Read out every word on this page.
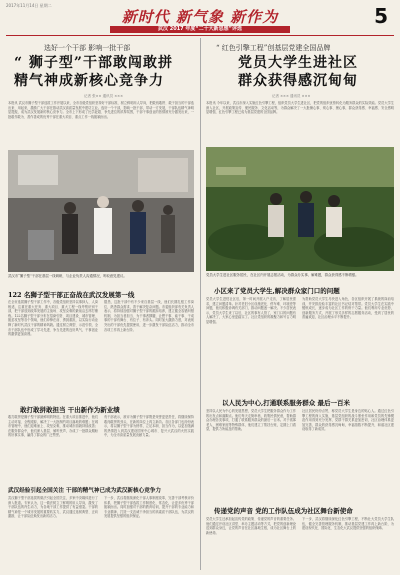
2017年11月14日 星期二
新时代 新气象 新作为
武汉 2017 年度“二十大新思想”评选
5
选好一个干部 影响一批干部
“ 狮子型”干部敢闯敢拼
精气神成新核心竞争力
记者 张×× 通讯员 ×××
本报讯 武汉市狮子型干部选拔工作开展以来，全市各级党组织坚持好干部标准，树立鲜明用人导向，把敢闯敢拼、敢于担当的干部选出来、用起来，激励广大干部在推动武汉高质量发展中建功立业。选好一个干部，影响一批干部，带动一方发展，干部队伍精气神明显提振，成为武汉发展新的核心竞争力。全市上下形成了比学赶超、争先进位的浓厚氛围，干部干事创业的热情被充分激发出来，一批敢作敢为、善作善成的优秀干部在重大项目、重点工作一线脱颖而出。
武汉市“狮子型”干部在基层一线调研，与企业负责人沟通情况，听取意见建议。
122 名狮子型干部正奋战在武汉发展第一线
在全市选拔狮子型干部工作中，各级党组织坚持以事择人、人岗相适，注重在重大任务、重大项目、重大工程一线考察识别干部，把干部放到改革发展的主战场、攻坚克难的最前沿去摔打锤炼。122名狮子型干部分布在招商引资、项目建设、城市管理、脱贫攻坚等各个领域，他们冲锋在前、勇挑重担，以实际行动诠释了新时代武汉干部的精神风貌。通过树立典型、示范引领，全市干部队伍中形成了学习先进、争当先进的良好风气，干事创业的激情更加高涨。
据悉，这批干部中有不少来自基层一线，他们长期扎根工作岗位，熟悉群众需求，善于解决复杂问题。市委组织部有关负责人表示，将持续加强对狮子型干部的跟踪培养，建立健全容错纠错机制，为担当者担当、为干事者撑腰，让想干事、能干事、干成事的干部有舞台、有位子、有奔头。同时加大激励力度，对表现突出的干部优先提拔使用，进一步激发干部队伍活力，推动全市各项工作再上新台阶。
敢打敢拼敢担当 干出新作为新业绩
敢打敢拼是狮子型干部最鲜明的特征。在重大项目推进中，他们主动对接、全程跟踪，解决了一大批制约项目落地的难题；在城市管理中，他们迎难而上、攻坚克难，推动城市面貌持续改善；在服务群众中，他们深入基层、倾听民声，办成了一批群众期盼的好事实事，赢得了群众的广泛赞誉。
有干部表示，被评为狮子型干部既是荣誉更是责任，将继续保持敢闯敢拼的劲头，在新的岗位上再立新功。各区各部门也纷纷表示，将以狮子型干部为榜样，立足本职、担当作为，以更加饱满的热情投入到武汉建设国家中心城市、复兴大武汉的火热实践中，为全市高质量发展贡献力量。
武汉经验引起全国关注 干部的精气神已成为武汉新核心竞争力
武汉狮子型干部选拔的做法引起全国关注，多家中央媒体进行了深入报道。专家认为，这一做法树立了鲜明的用人导向，激发了干部队伍的内生动力，为各地干部工作提供了有益借鉴。干部的精气神是一个城市发展的重要软实力，武汉通过选树典型、正向激励，让干部队伍焕发出新的活力。
下一步，武汉将继续深化干部人事制度改革，完善干部考核评价体系，把狮子型干部选拔工作制度化、常态化，让更多优秀干部脱颖而出。同时加强对干部的教育培训，提升干部的专业能力和专业精神，打造一支忠诚干净担当的高素质干部队伍，为武汉的发展提供坚强的组织保证。
“ 红色引擎工程”创基层党建全国品牌
党员大学生进社区
群众获得感沉甸甸
记者 ××× 通讯员 ×××
本报讯 今年以来，武汉市深入实施红色引擎工程，组织党员大学生进社区，把党的组织优势转化为服务群众的实际效能。党员大学生深入社区，开展政策宣传、便民服务、文化活动等，为群众解决了一大批操心事、烦心事、揪心事，群众获得感、幸福感、安全感明显增强，红色引擎工程已成为基层党建的全国品牌。
党员大学生进社区服务居民，在社区内开展志愿活动，为群众办实事、解难题，群众获得感不断增强。
小区来了党员大学生,解决群众家门口的问题
党员大学生进驻社区后，第一时间开展入户走访，了解居民需求，建立问题清单。针对老旧小区设施老化、停车难、环境差等问题，他们积极协调有关部门，推动问题逐一解决。不少居民表示，党员大学生来了以后，社区的事有人管了，家门口的问题有人解决了，大家心里更踏实了。社区党组织的凝聚力和号召力明显增强。
为帮助党员大学生尽快进入角色，各区组织开展了系统的岗前培训，并安排经验丰富的社区书记结对帮带。党员大学生在实践中锻炼成长，逐步成为社区工作的骨干力量。他们利用专业优势，创新服务方式，开展了形式多样的志愿服务活动，受到了居民的普遍欢迎，社区治理水平不断提升。
以人民为中心,打通联系服务群众 最后一百米
坚持以人民为中心的发展思想，党员大学生把服务群众作为工作的出发点和落脚点。他们每天走街串巷，收集民情民意，帮助群众办理各类事项，打通了联系服务群众的最后一百米。对于孤寡老人、困难家庭等特殊群体，他们建立了帮扶台账，定期上门看望，提供力所能及的帮助。
社区居民纷纷点赞，称党员大学生是身边的贴心人。通过红色引擎工程的深入实施，基层党组织的战斗堡垒作用和党员的先锋模范作用得到充分发挥，党群干群关系更加密切，社区治理体系更加完善，群众的获得感沉甸甸，幸福指数不断提升，和谐社区建设取得了新成效。
传递党的声音 党的工作队伍成为社区舞台新使命
党员大学生还承担起宣传党的政策、传递党的声音的重要任务。他们通过开设社区讲堂、举办主题活动等方式，把党的创新理论送到群众身边，让党的声音在社区落地生根，成为社区舞台上的新使命。
下一步，武汉将继续深化红色引擎工程，不断壮大党员大学生队伍，健全完善管理服务机制，推动基层党建工作再上新台阶，为建设现代化、国际化、生态化大武汉提供坚强的组织保障。
